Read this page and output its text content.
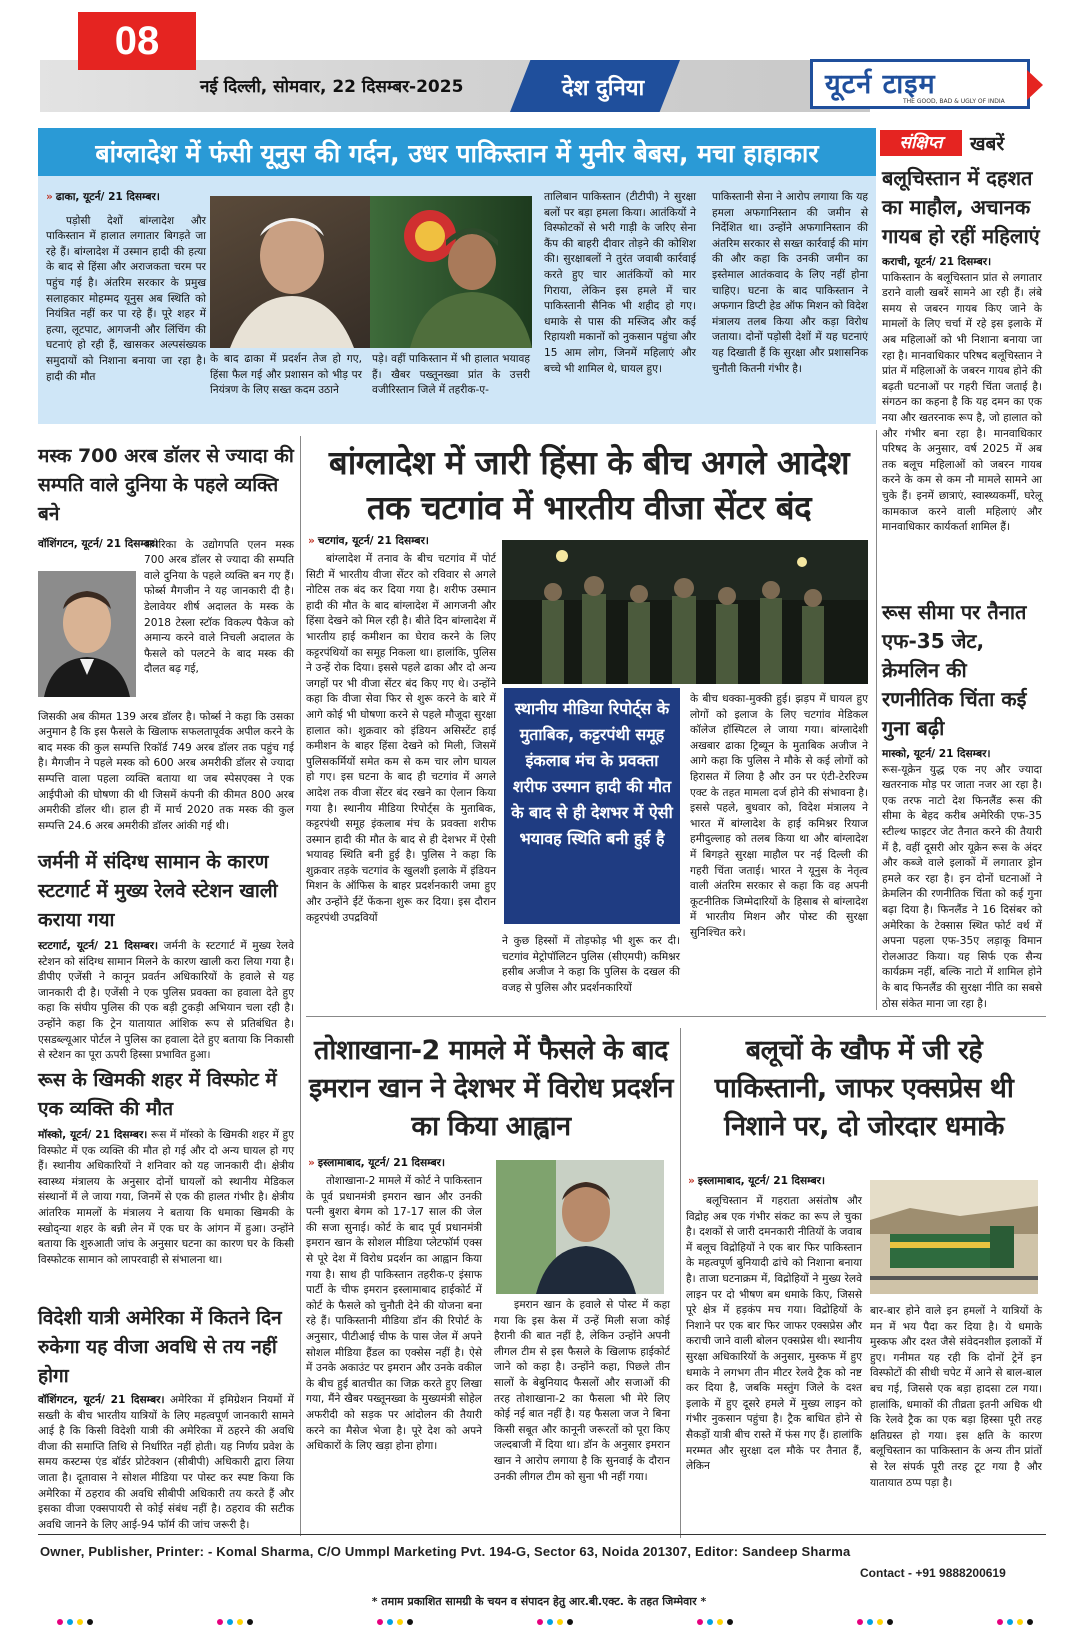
नई दिल्ली, सोमवार, 22 दिसम्बर-2025	देश दुनिया	यूटर्न टाइम
THE GOOD, BAD & UGLY OF INDIA
08
बांग्लादेश में फंसी यूनुस की गर्दन, उधर पाकिस्तान में मुनीर बेबस, मचा हाहाकार

» ढाका, यूटर्न/ 21 दिसम्बर।

पड़ोसी देशों बांग्लादेश और पाकिस्तान में हालात लगातार बिगड़ते जा रहे हैं। बांग्लादेश में उस्मान हादी की हत्या के बाद से हिंसा और अराजकता चरम पर पहुंच गई है। अंतरिम सरकार के प्रमुख सलाहकार मोहम्मद यूनुस अब स्थिति को नियंत्रित नहीं कर पा रहे हैं। पूरे शहर में हत्या, लूटपाट, आगजनी और लिंचिंग की घटनाएं हो रही हैं, खासकर अल्पसंख्यक समुदायों को निशाना बनाया जा रहा है। हादी की मौत

के बाद ढाका में प्रदर्शन तेज हो गए, हिंसा फैल गई और प्रशासन को भीड़ पर नियंत्रण के लिए सख्त कदम उठाने

पड़े। वहीं पाकिस्तान में भी हालात भयावह हैं। खैबर पख्तूनख्वा प्रांत के उत्तरी वजीरिस्तान जिले में तहरीक-ए-

तालिबान पाकिस्तान (टीटीपी) ने सुरक्षा बलों पर बड़ा हमला किया। आतंकियों ने विस्फोटकों से भरी गाड़ी के जरिए सेना कैंप की बाहरी दीवार तोड़ने की कोशिश की। सुरक्षाबलों ने तुरंत जवाबी कार्रवाई करते हुए चार आतंकियों को मार गिराया, लेकिन इस हमले में चार पाकिस्तानी सैनिक भी शहीद हो गए। धमाके से पास की मस्जिद और कई रिहायशी मकानों को नुकसान पहुंचा और 15 आम लोग, जिनमें महिलाएं और बच्चे भी शामिल थे, घायल हुए।

पाकिस्तानी सेना ने आरोप लगाया कि यह हमला अफगानिस्तान की जमीन से निर्देशित था। उन्होंने अफगानिस्तान की अंतरिम सरकार से सख्त कार्रवाई की मांग की और कहा कि उनकी जमीन का इस्तेमाल आतंकवाद के लिए नहीं होना चाहिए। घटना के बाद पाकिस्तान ने अफगान डिप्टी हेड ऑफ मिशन को विदेश मंत्रालय तलब किया और कड़ा विरोध जताया। दोनों पड़ोसी देशों में यह घटनाएं यह दिखाती हैं कि सुरक्षा और प्रशासनिक चुनौती कितनी गंभीर है।

संक्षिप्त	खबरें
बलूचिस्तान में दहशत का माहौल, अचानक गायब हो रहीं महिलाएं

कराची, यूटर्न/ 21 दिसम्बर।

पाकिस्तान के बलूचिस्तान प्रांत से लगातार डराने वाली खबरें सामने आ रही हैं। लंबे समय से जबरन गायब किए जाने के मामलों के लिए चर्चा में रहे इस इलाके में अब महिलाओं को भी निशाना बनाया जा रहा है। मानवाधिकार परिषद बलूचिस्तान ने प्रांत में महिलाओं के जबरन गायब होने की बढ़ती घटनाओं पर गहरी चिंता जताई है। संगठन का कहना है कि यह दमन का एक नया और खतरनाक रूप है, जो हालात को और गंभीर बना रहा है। मानवाधिकार परिषद के अनुसार, वर्ष 2025 में अब तक बलूच महिलाओं को जबरन गायब करने के कम से कम नौ मामले सामने आ चुके हैं। इनमें छात्राएं, स्वास्थ्यकर्मी, घरेलू कामकाज करने वाली महिलाएं और मानवाधिकार कार्यकर्ता शामिल हैं।

रूस सीमा पर तैनात एफ-35 जेट, क्रेमलिन की रणनीतिक चिंता कई गुना बढ़ी

मास्को, यूटर्न/ 21 दिसम्बर।

रूस-यूक्रेन युद्ध एक नए और ज्यादा खतरनाक मोड़ पर जाता नजर आ रहा है। एक तरफ नाटो देश फिनलैंड रूस की सीमा के बेहद करीब अमेरिकी एफ-35 स्टील्थ फाइटर जेट तैनात करने की तैयारी में है, वहीं दूसरी ओर यूक्रेन रूस के अंदर और कब्जे वाले इलाकों में लगातार ड्रोन हमले कर रहा है। इन दोनों घटनाओं ने क्रेमलिन की रणनीतिक चिंता को कई गुना बढ़ा दिया है। फिनलैंड ने 16 दिसंबर को अमेरिका के टेक्सास स्थित फोर्ट वर्थ में अपना पहला एफ-35ए लड़ाकू विमान रोलआउट किया। यह सिर्फ एक सैन्य कार्यक्रम नहीं, बल्कि नाटो में शामिल होने के बाद फिनलैंड की सुरक्षा नीति का सबसे ठोस संकेत माना जा रहा है।

मस्क 700 अरब डॉलर से ज्यादा की सम्पति वाले दुनिया के पहले व्यक्ति बने

वॉशिंगटन, यूटर्न/ 21 दिसम्बर।

अमेरिका के उद्योगपति एलन मस्क 700 अरब डॉलर से ज्यादा की सम्पति वाले दुनिया के पहले व्यक्ति बन गए हैं। फोर्ब्स मैगजीन ने यह जानकारी दी है। डेलावेयर शीर्ष अदालत के मस्क के 2018 टेस्ला स्टॉक विकल्प पैकेज को अमान्य करने वाले निचली अदालत के फैसले को पलटने के बाद मस्क की दौलत बढ़ गई,

जिसकी अब कीमत 139 अरब डॉलर है। फोर्ब्स ने कहा कि उसका अनुमान है कि इस फैसले के खिलाफ सफलतापूर्वक अपील करने के बाद मस्क की कुल सम्पत्ति रिकॉर्ड 749 अरब डॉलर तक पहुंच गई है। मैगजीन ने पहले मस्क को 600 अरब अमरीकी डॉलर से ज्यादा सम्पत्ति वाला पहला व्यक्ति बताया था जब स्पेसएक्स ने एक आईपीओ की घोषणा की थी जिसमें कंपनी की कीमत 800 अरब अमरीकी डॉलर थी। हाल ही में मार्च 2020 तक मस्क की कुल सम्पत्ति 24.6 अरब अमरीकी डॉलर आंकी गई थी।

जर्मनी में संदिग्ध सामान के कारण स्टटगार्ट में मुख्य रेलवे स्टेशन खाली कराया गया

स्टटगार्ट, यूटर्न/ 21 दिसम्बर। जर्मनी के स्टटगार्ट में मुख्य रेलवे स्टेशन को संदिग्ध सामान मिलने के कारण खाली करा लिया गया है। डीपीए एजेंसी ने कानून प्रवर्तन अधिकारियों के हवाले से यह जानकारी दी है। एजेंसी ने एक पुलिस प्रवक्ता का हवाला देते हुए कहा कि संघीय पुलिस की एक बड़ी टुकड़ी अभियान चला रही है। उन्होंने कहा कि ट्रेन यातायात आंशिक रूप से प्रतिबंधित है। एसडब्ल्यूआर पोर्टल ने पुलिस का हवाला देते हुए बताया कि निकासी से स्टेशन का पूरा ऊपरी हिस्सा प्रभावित हुआ।

रूस के खिमकी शहर में विस्फोट में एक व्यक्ति की मौत

मॉस्को, यूटर्न/ 21 दिसम्बर। रूस में मॉस्को के खिमकी शहर में हुए विस्फोट में एक व्यक्ति की मौत हो गई और दो अन्य घायल हो गए हैं। स्थानीय अधिकारियों ने शनिवार को यह जानकारी दी। क्षेत्रीय स्वास्थ्य मंत्रालय के अनुसार दोनों घायलों को स्थानीय मेडिकल संस्थानों में ले जाया गया, जिनमें से एक की हालत गंभीर है। क्षेत्रीय आंतरिक मामलों के मंत्रालय ने बताया कि धमाका खिमकी के स्खोद्न्या शहर के बन्नी लेन में एक घर के आंगन में हुआ। उन्होंने बताया कि शुरुआती जांच के अनुसार घटना का कारण घर के किसी विस्फोटक सामान को लापरवाही से संभालना था।

विदेशी यात्री अमेरिका में कितने दिन रुकेगा यह वीजा अवधि से तय नहीं होगा

वॉशिंगटन, यूटर्न/ 21 दिसम्बर। अमेरिका में इमिग्रेशन नियमों में सख्ती के बीच भारतीय यात्रियों के लिए महत्वपूर्ण जानकारी सामने आई है कि किसी विदेशी यात्री की अमेरिका में ठहरने की अवधि वीजा की समाप्ति तिथि से निर्धारित नहीं होती। यह निर्णय प्रवेश के समय कस्टम्स एंड बॉर्डर प्रोटेक्शन (सीबीपी) अधिकारी द्वारा लिया जाता है। दूतावास ने सोशल मीडिया पर पोस्ट कर स्पष्ट किया कि अमेरिका में ठहराव की अवधि सीबीपी अधिकारी तय करते हैं और इसका वीजा एक्सपायरी से कोई संबंध नहीं है। ठहराव की सटीक अवधि जानने के लिए आई-94 फॉर्म की जांच जरूरी है।

बांग्लादेश में जारी हिंसा के बीच अगले आदेश तक चटगांव में भारतीय वीजा सेंटर बंद

» चटगांव, यूटर्न/ 21 दिसम्बर।

बांग्लादेश में तनाव के बीच चटगांव में पोर्ट सिटी में भारतीय वीजा सेंटर को रविवार से अगले नोटिस तक बंद कर दिया गया है। शरीफ उस्मान हादी की मौत के बाद बांग्लादेश में आगजनी और हिंसा देखने को मिल रही है। बीते दिन बांग्लादेश में भारतीय हाई कमीशन का घेराव करने के लिए कट्टरपंथियों का समूह निकला था। हालांकि, पुलिस ने उन्हें रोक दिया। इससे पहले ढाका और दो अन्य जगहों पर भी वीजा सेंटर बंद किए गए थे। उन्होंने कहा कि वीजा सेवा फिर से शुरू करने के बारे में आगे कोई भी घोषणा करने से पहले मौजूदा सुरक्षा हालात को। शुक्रवार को इंडियन असिस्टेंट हाई कमीशन के बाहर हिंसा देखने को मिली, जिसमें पुलिसकर्मियों समेत कम से कम चार लोग घायल हो गए। इस घटना के बाद ही चटगांव में अगले आदेश तक वीजा सेंटर बंद रखने का ऐलान किया गया है। स्थानीय मीडिया रिपोर्ट्स के मुताबिक, कट्टरपंथी समूह इंकलाब मंच के प्रवक्ता शरीफ उस्मान हादी की मौत के बाद से ही देशभर में ऐसी भयावह स्थिति बनी हुई है। पुलिस ने कहा कि शुक्रवार तड़के चटगांव के खुलशी इलाके में इंडियन मिशन के ऑफिस के बाहर प्रदर्शनकारी जमा हुए और उन्होंने ईंटें फेंकना शुरू कर दिया। इस दौरान कट्टरपंथी उपद्रवियों

स्थानीय मीडिया रिपोर्ट्स के मुताबिक, कट्टरपंथी समूह इंकलाब मंच के प्रवक्ता शरीफ उस्मान हादी की मौत के बाद से ही देशभर में ऐसी भयावह स्थिति बनी हुई है

ने कुछ हिस्सों में तोड़फोड़ भी शुरू कर दी। चटगांव मेट्रोपॉलिटन पुलिस (सीएमपी) कमिश्नर हसीब अजीज ने कहा कि पुलिस के दखल की वजह से पुलिस और प्रदर्शनकारियों

के बीच धक्का-मुक्की हुई। झड़प में घायल हुए लोगों को इलाज के लिए चटगांव मेडिकल कॉलेज हॉस्पिटल ले जाया गया। बांग्लादेशी अखबार ढाका ट्रिब्यून के मुताबिक अजीज ने आगे कहा कि पुलिस ने मौके से कई लोगों को हिरासत में लिया है और उन पर एंटी-टेररिज्म एक्ट के तहत मामला दर्ज होने की संभावना है। इससे पहले, बुधवार को, विदेश मंत्रालय ने भारत में बांग्लादेश के हाई कमिश्नर रियाज हमीदुल्लाह को तलब किया था और बांग्लादेश में बिगड़ते सुरक्षा माहौल पर नई दिल्ली की गहरी चिंता जताई। भारत ने यूनुस के नेतृत्व वाली अंतरिम सरकार से कहा कि वह अपनी कूटनीतिक जिम्मेदारियों के हिसाब से बांग्लादेश में भारतीय मिशन और पोस्ट की सुरक्षा सुनिश्चित करे।

तोशाखाना-2 मामले में फैसले के बाद इमरान खान ने देशभर में विरोध प्रदर्शन का किया आह्वान

» इस्लामाबाद, यूटर्न/ 21 दिसम्बर।

तोशाखाना-2 मामले में कोर्ट ने पाकिस्तान के पूर्व प्रधानमंत्री इमरान खान और उनकी पत्नी बुशरा बेगम को 17-17 साल की जेल की सजा सुनाई। कोर्ट के बाद पूर्व प्रधानमंत्री इमरान खान के सोशल मीडिया प्लेटफॉर्म एक्स से पूरे देश में विरोध प्रदर्शन का आह्वान किया गया है। साथ ही पाकिस्तान तहरीक-ए इंसाफ पार्टी के चीफ इमरान इस्लामाबाद हाईकोर्ट में कोर्ट के फैसले को चुनौती देने की योजना बना रहे हैं। पाकिस्तानी मीडिया डॉन की रिपोर्ट के अनुसार, पीटीआई चीफ के पास जेल में अपने सोशल मीडिया हैंडल का एक्सेस नहीं है। ऐसे में उनके अकाउंट पर इमरान और उनके वकील के बीच हुई बातचीत का जिक्र करते हुए लिखा गया, मैंने खैबर पख्तूनख्वा के मुख्यमंत्री सोहेल अफरीदी को सड़क पर आंदोलन की तैयारी करने का मैसेज भेजा है। पूरे देश को अपने अधिकारों के लिए खड़ा होना होगा।

इमरान खान के हवाले से पोस्ट में कहा गया कि इस केस में उन्हें मिली सजा कोई हैरानी की बात नहीं है, लेकिन उन्होंने अपनी लीगल टीम से इस फैसले के खिलाफ हाईकोर्ट जाने को कहा है। उन्होंने कहा, पिछले तीन सालों के बेबुनियाद फैसलों और सजाओं की तरह तोशाखाना-2 का फैसला भी मेरे लिए कोई नई बात नहीं है। यह फैसला जज ने बिना किसी सबूत और कानूनी जरूरतों को पूरा किए जल्दबाजी में दिया था। डॉन के अनुसार इमरान खान ने आरोप लगाया है कि सुनवाई के दौरान उनकी लीगल टीम को सुना भी नहीं गया।

बलूचों के खौफ में जी रहे पाकिस्तानी, जाफर एक्सप्रेस थी निशाने पर, दो जोरदार धमाके

» इस्लामाबाद, यूटर्न/ 21 दिसम्बर।

बलूचिस्तान में गहराता असंतोष और विद्रोह अब एक गंभीर संकट का रूप ले चुका है। दशकों से जारी दमनकारी नीतियों के जवाब में बलूच विद्रोहियों ने एक बार फिर पाकिस्तान के महत्वपूर्ण बुनियादी ढांचे को निशाना बनाया है। ताजा घटनाक्रम में, विद्रोहियों ने मुख्य रेलवे लाइन पर दो भीषण बम धमाके किए, जिससे पूरे क्षेत्र में हड़कंप मच गया। विद्रोहियों के निशाने पर एक बार फिर जाफर एक्सप्रेस और कराची जाने वाली बोलन एक्सप्रेस थी। स्थानीय सुरक्षा अधिकारियों के अनुसार, मुस्कफ में हुए धमाके ने लगभग तीन मीटर रेलवे ट्रैक को नष्ट कर दिया है, जबकि मस्तुंग जिले के दश्त इलाके में हुए दूसरे हमले में मुख्य लाइन को गंभीर नुकसान पहुंचा है। ट्रैक बाधित होने से सैकड़ों यात्री बीच रास्ते में फंस गए हैं। हालांकि मरम्मत और सुरक्षा दल मौके पर तैनात हैं, लेकिन

बार-बार होने वाले इन हमलों ने यात्रियों के मन में भय पैदा कर दिया है। ये धमाके मुस्कफ और दश्त जैसे संवेदनशील इलाकों में हुए। गनीमत यह रही कि दोनों ट्रेनें इन विस्फोटों की सीधी चपेट में आने से बाल-बाल बच गई, जिससे एक बड़ा हादसा टल गया। हालांकि, धमाकों की तीव्रता इतनी अधिक थी कि रेलवे ट्रैक का एक बड़ा हिस्सा पूरी तरह क्षतिग्रस्त हो गया। इस क्षति के कारण बलूचिस्तान का पाकिस्तान के अन्य तीन प्रांतों से रेल संपर्क पूरी तरह टूट गया है और यातायात ठप्प पड़ा है।

Owner, Publisher, Printer: - Komal Sharma, C/O Ummpl Marketing Pvt. 194-G, Sector 63, Noida 201307, Editor: Sandeep Sharma
Contact - +91 9888200619
* तमाम प्रकाशित सामग्री के चयन व संपादन हेतु आर.बी.एक्ट. के तहत जिम्मेवार *
